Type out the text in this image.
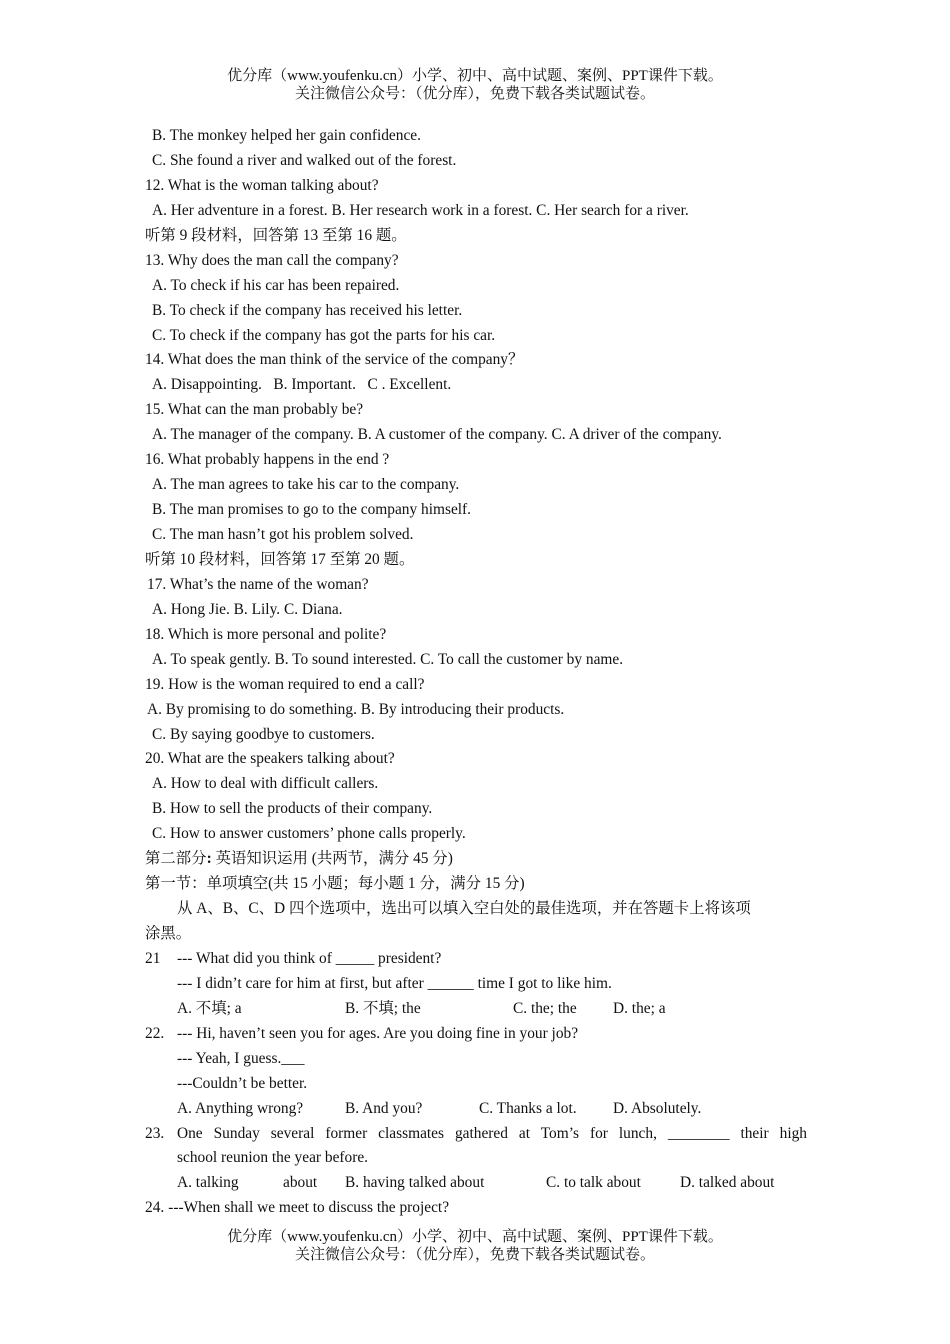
优分库（www.youfenku.cn）小学、初中、高中试题、案例、PPT课件下载。
关注微信公众号：（优分库），免费下载各类试题试卷。
B. The monkey helped her gain confidence.
C. She found a river and walked out of the forest.
12. What is the woman talking about?
A. Her adventure in a forest. B. Her research work in a forest. C. Her search for a river.
听第 9 段材料，回答第 13 至第 16 题。
13. Why does the man call the company?
A. To check if his car has been repaired.
B. To check if the company has received his letter.
C. To check if the company has got the parts for his car.
14. What does the man think of the service of the company？
A. Disappointing.   B. Important.   C . Excellent.
15. What can the man probably be?
A. The manager of the company. B. A customer of the company. C. A driver of the company.
16. What probably happens in the end ?
A. The man agrees to take his car to the company.
B. The man promises to go to the company himself.
C. The man hasn’t got his problem solved.
听第 10 段材料，回答第 17 至第 20 题。
17. What’s the name of the woman?
A. Hong Jie. B. Lily. C. Diana.
18. Which is more personal and polite?
A. To speak gently. B. To sound interested. C. To call the customer by name.
19. How is the woman required to end a call?
A. By promising to do something. B. By introducing their products.
C. By saying goodbye to customers.
20. What are the speakers talking about?
A. How to deal with difficult callers.
B. How to sell the products of their company.
C. How to answer customers’ phone calls properly.
第二部分: 英语知识运用 (共两节，满分 45 分)
第一节：单项填空(共 15 小题；每小题 1 分，满分 15 分)
从 A、B、C、D 四个选项中，选出可以填入空白处的最佳选项，并在答题卡上将该项
涂黑。
21 --- What did you think of _____ president?
--- I didn’t care for him at first, but after ______ time I got to like him.
A. 不填; a	B. 不填; the	C. the; the D. the; a
22. --- Hi, haven’t seen you for ages. Are you doing fine in your job?
--- Yeah, I guess.___
---Couldn’t be better.
A. Anything wrong?	B. And you?	C. Thanks a lot. D. Absolutely.
23. One Sunday several former classmates gathered at Tom’s for lunch, ________ their high
school reunion the year before.
A. talking	about B. having talked about	C. to talk about	D. talked about
24. ---When shall we meet to discuss the project?
优分库（www.youfenku.cn）小学、初中、高中试题、案例、PPT课件下载。
关注微信公众号：（优分库），免费下载各类试题试卷。
